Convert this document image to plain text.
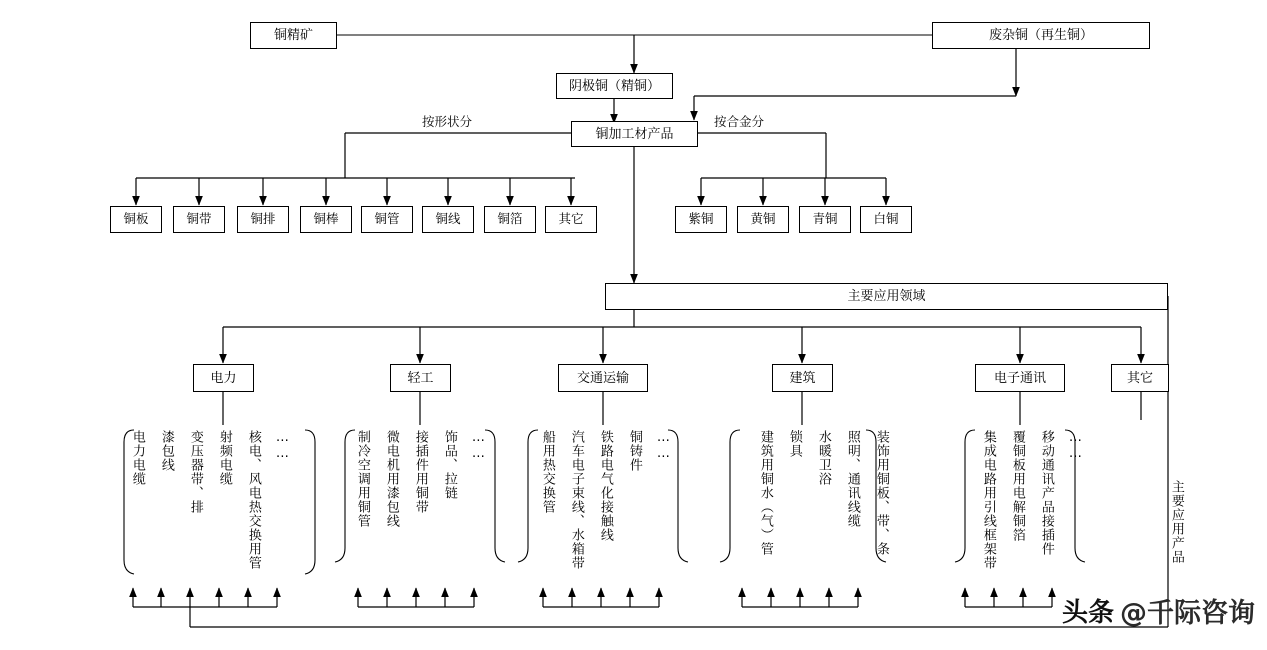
铜精矿	废杂铜（再生铜）
阴极铜（精铜）
铜加工材产品
按形状分	按合金分
铜板	铜带	铜排	铜棒	铜管	铜线	铜箔	其它	紫铜	黄铜	青铜	白铜
主要应用领域
电力	轻工	交通运输	建筑	电子通讯	其它
电力电缆 漆包线 变压器带、排 射频电缆 核电、风电热交换用管 ……	制冷空调用铜管 微电机用漆包线 接插件用铜带 饰品、拉链 ……	船用热交换管 汽车电子束线、水箱带 铁路电气化接触线 铜铸件 ……	建筑用铜水（气）管 锁具 水暖卫浴 照明、通讯线缆 装饰用铜板、带、条	集成电路用引线框架带 覆铜板用电解铜箔 移动通讯产品接插件 ……
主要应用产品
头条 @千际咨询
